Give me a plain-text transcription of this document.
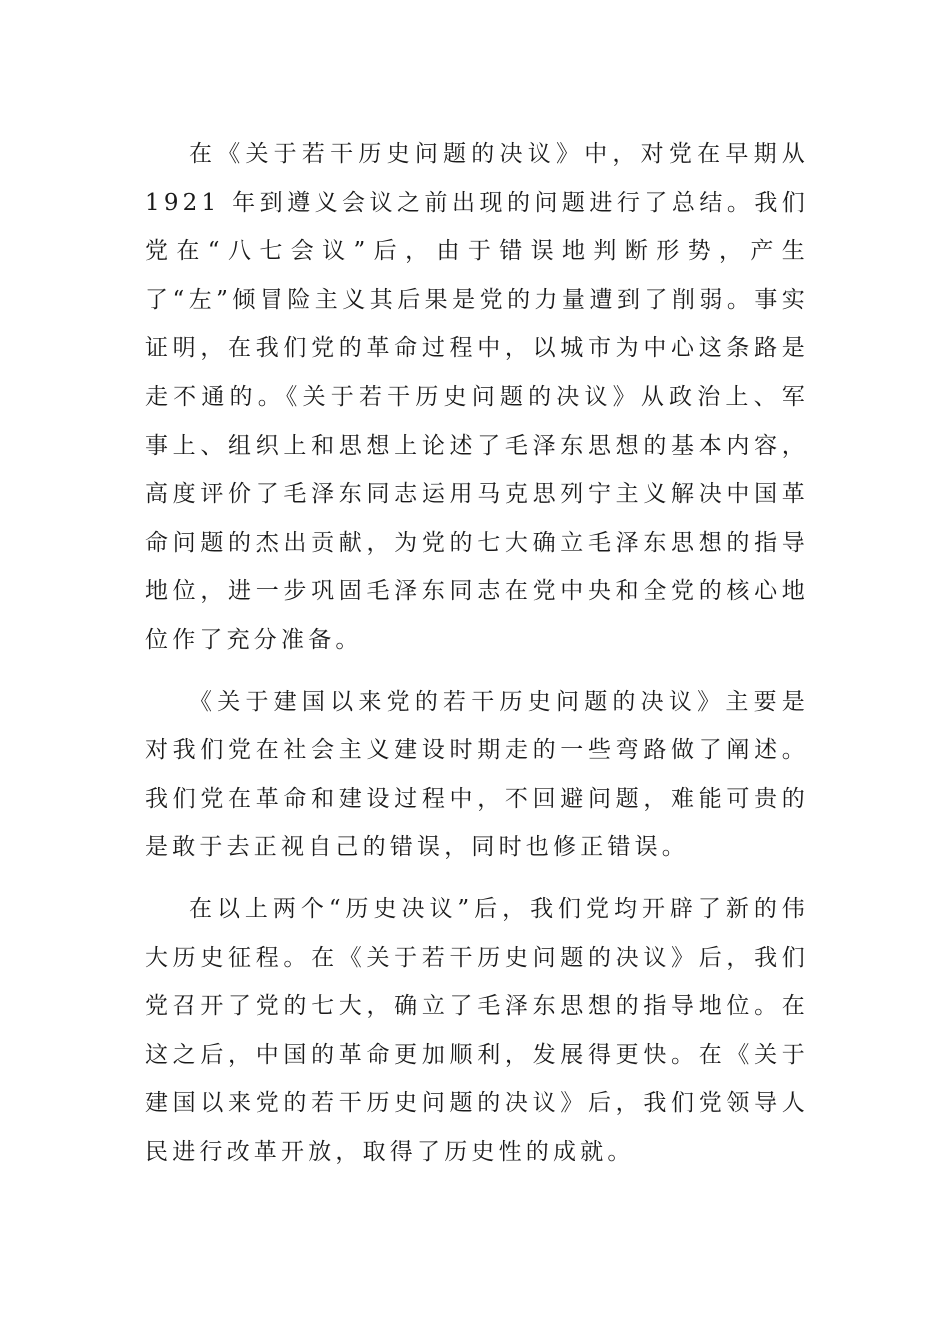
在《关于若干历史问题的决议》中，对党在早期从 1921 年到遵义会议之前出现的问题进行了总结。我们党在“八七会议”后，由于错误地判断形势，产生了“左”倾冒险主义其后果是党的力量遭到了削弱。事实证明，在我们党的革命过程中，以城市为中心这条路是走不通的。《关于若干历史问题的决议》从政治上、军事上、组织上和思想上论述了毛泽东思想的基本内容，高度评价了毛泽东同志运用马克思列宁主义解决中国革命问题的杰出贡献，为党的七大确立毛泽东思想的指导地位，进一步巩固毛泽东同志在党中央和全党的核心地位作了充分准备。

《关于建国以来党的若干历史问题的决议》主要是对我们党在社会主义建设时期走的一些弯路做了阐述。我们党在革命和建设过程中，不回避问题，难能可贵的是敢于去正视自己的错误，同时也修正错误。

在以上两个“历史决议”后，我们党均开辟了新的伟大历史征程。在《关于若干历史问题的决议》后，我们党召开了党的七大，确立了毛泽东思想的指导地位。在这之后，中国的革命更加顺利，发展得更快。在《关于建国以来党的若干历史问题的决议》后，我们党领导人民进行改革开放，取得了历史性的成就。
